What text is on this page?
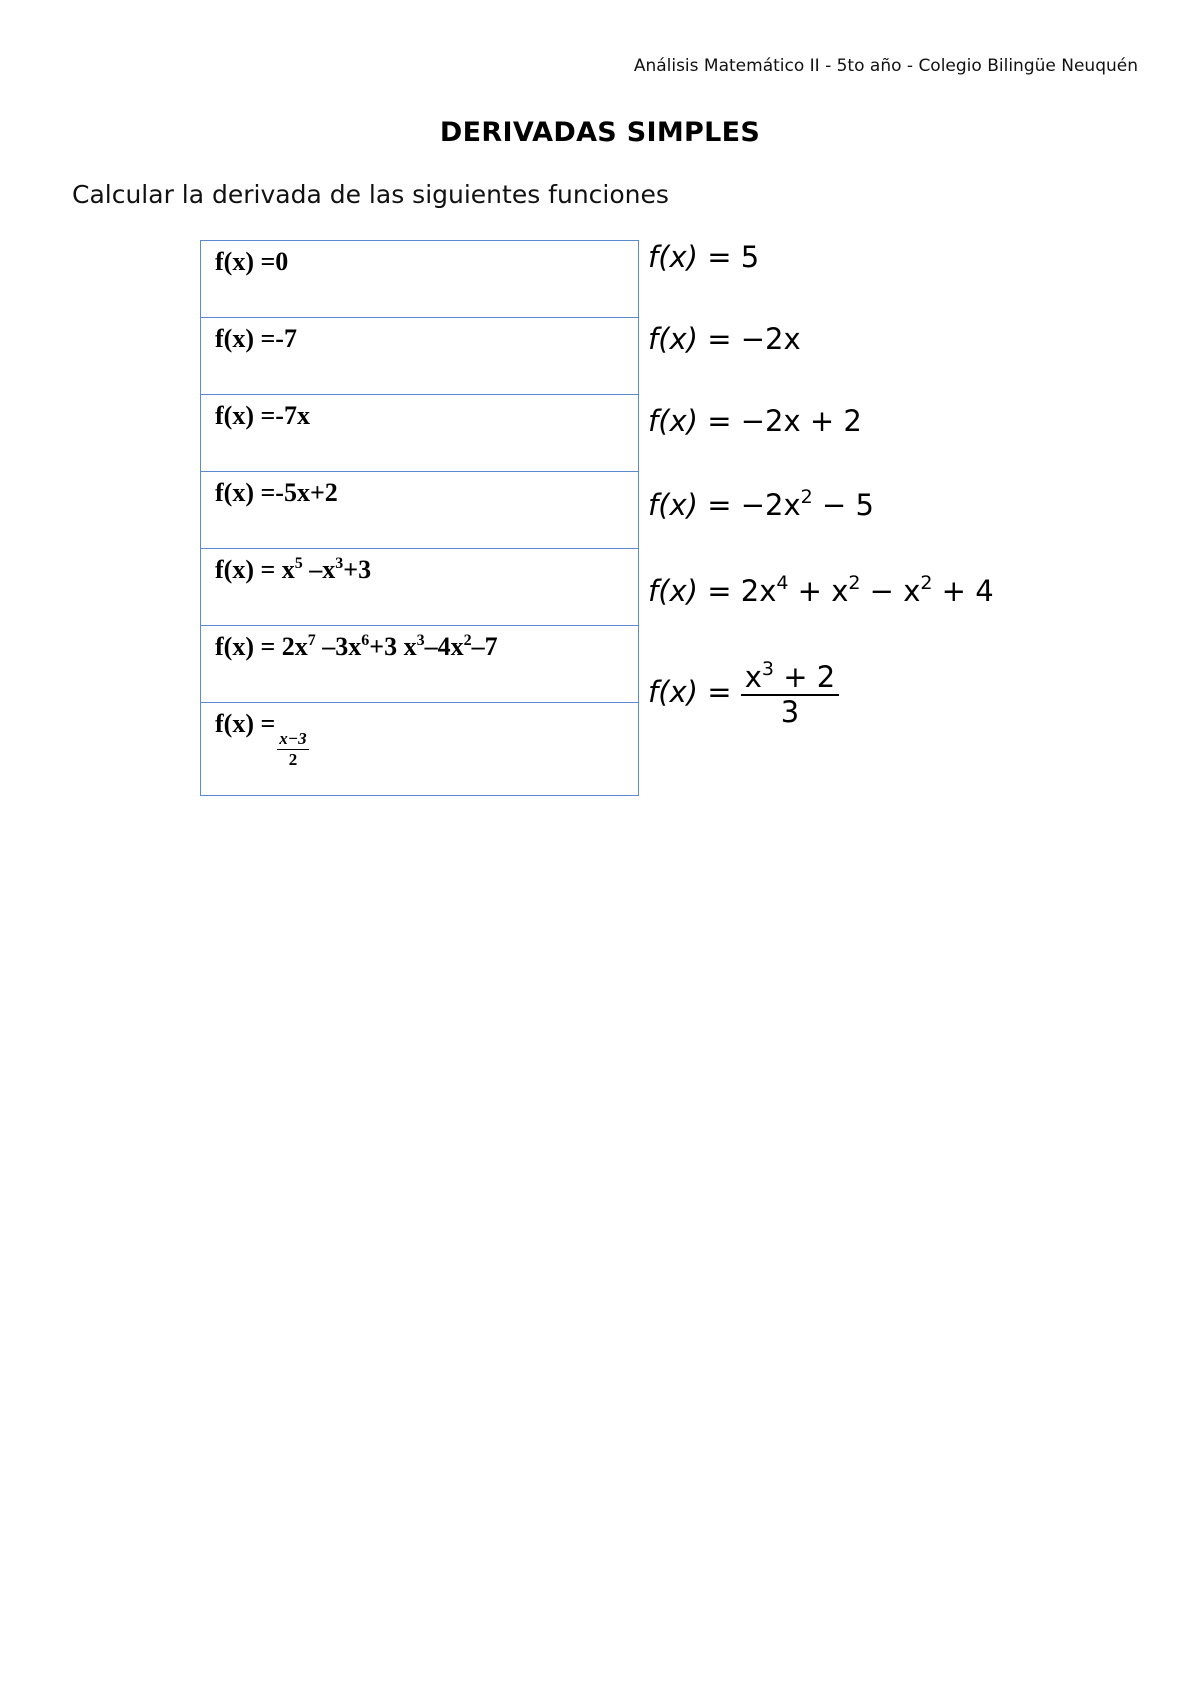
Análisis Matemático II - 5to año - Colegio Bilingüe Neuquén
DERIVADAS SIMPLES
Calcular la derivada de las siguientes funciones
f(x) =0
f(x) =-7
f(x) =-7x
f(x) =-5x+2
$f(x) = x^5$ $-x^3+3$
$f(x) = 2x^7$ $-3x^6+3$ $x^3-4x^2-7$
f(x) =
$\frac{x-3}{2}$
f(x) = 5
f(x) = −2x
f(x) = −2x + 2
$f(x) = -2x^2 - 5$
$f(x) = 2x^4 + x^2 - x^2 + 4$
$f(x) = \frac{x^3 + 2}{3}$
